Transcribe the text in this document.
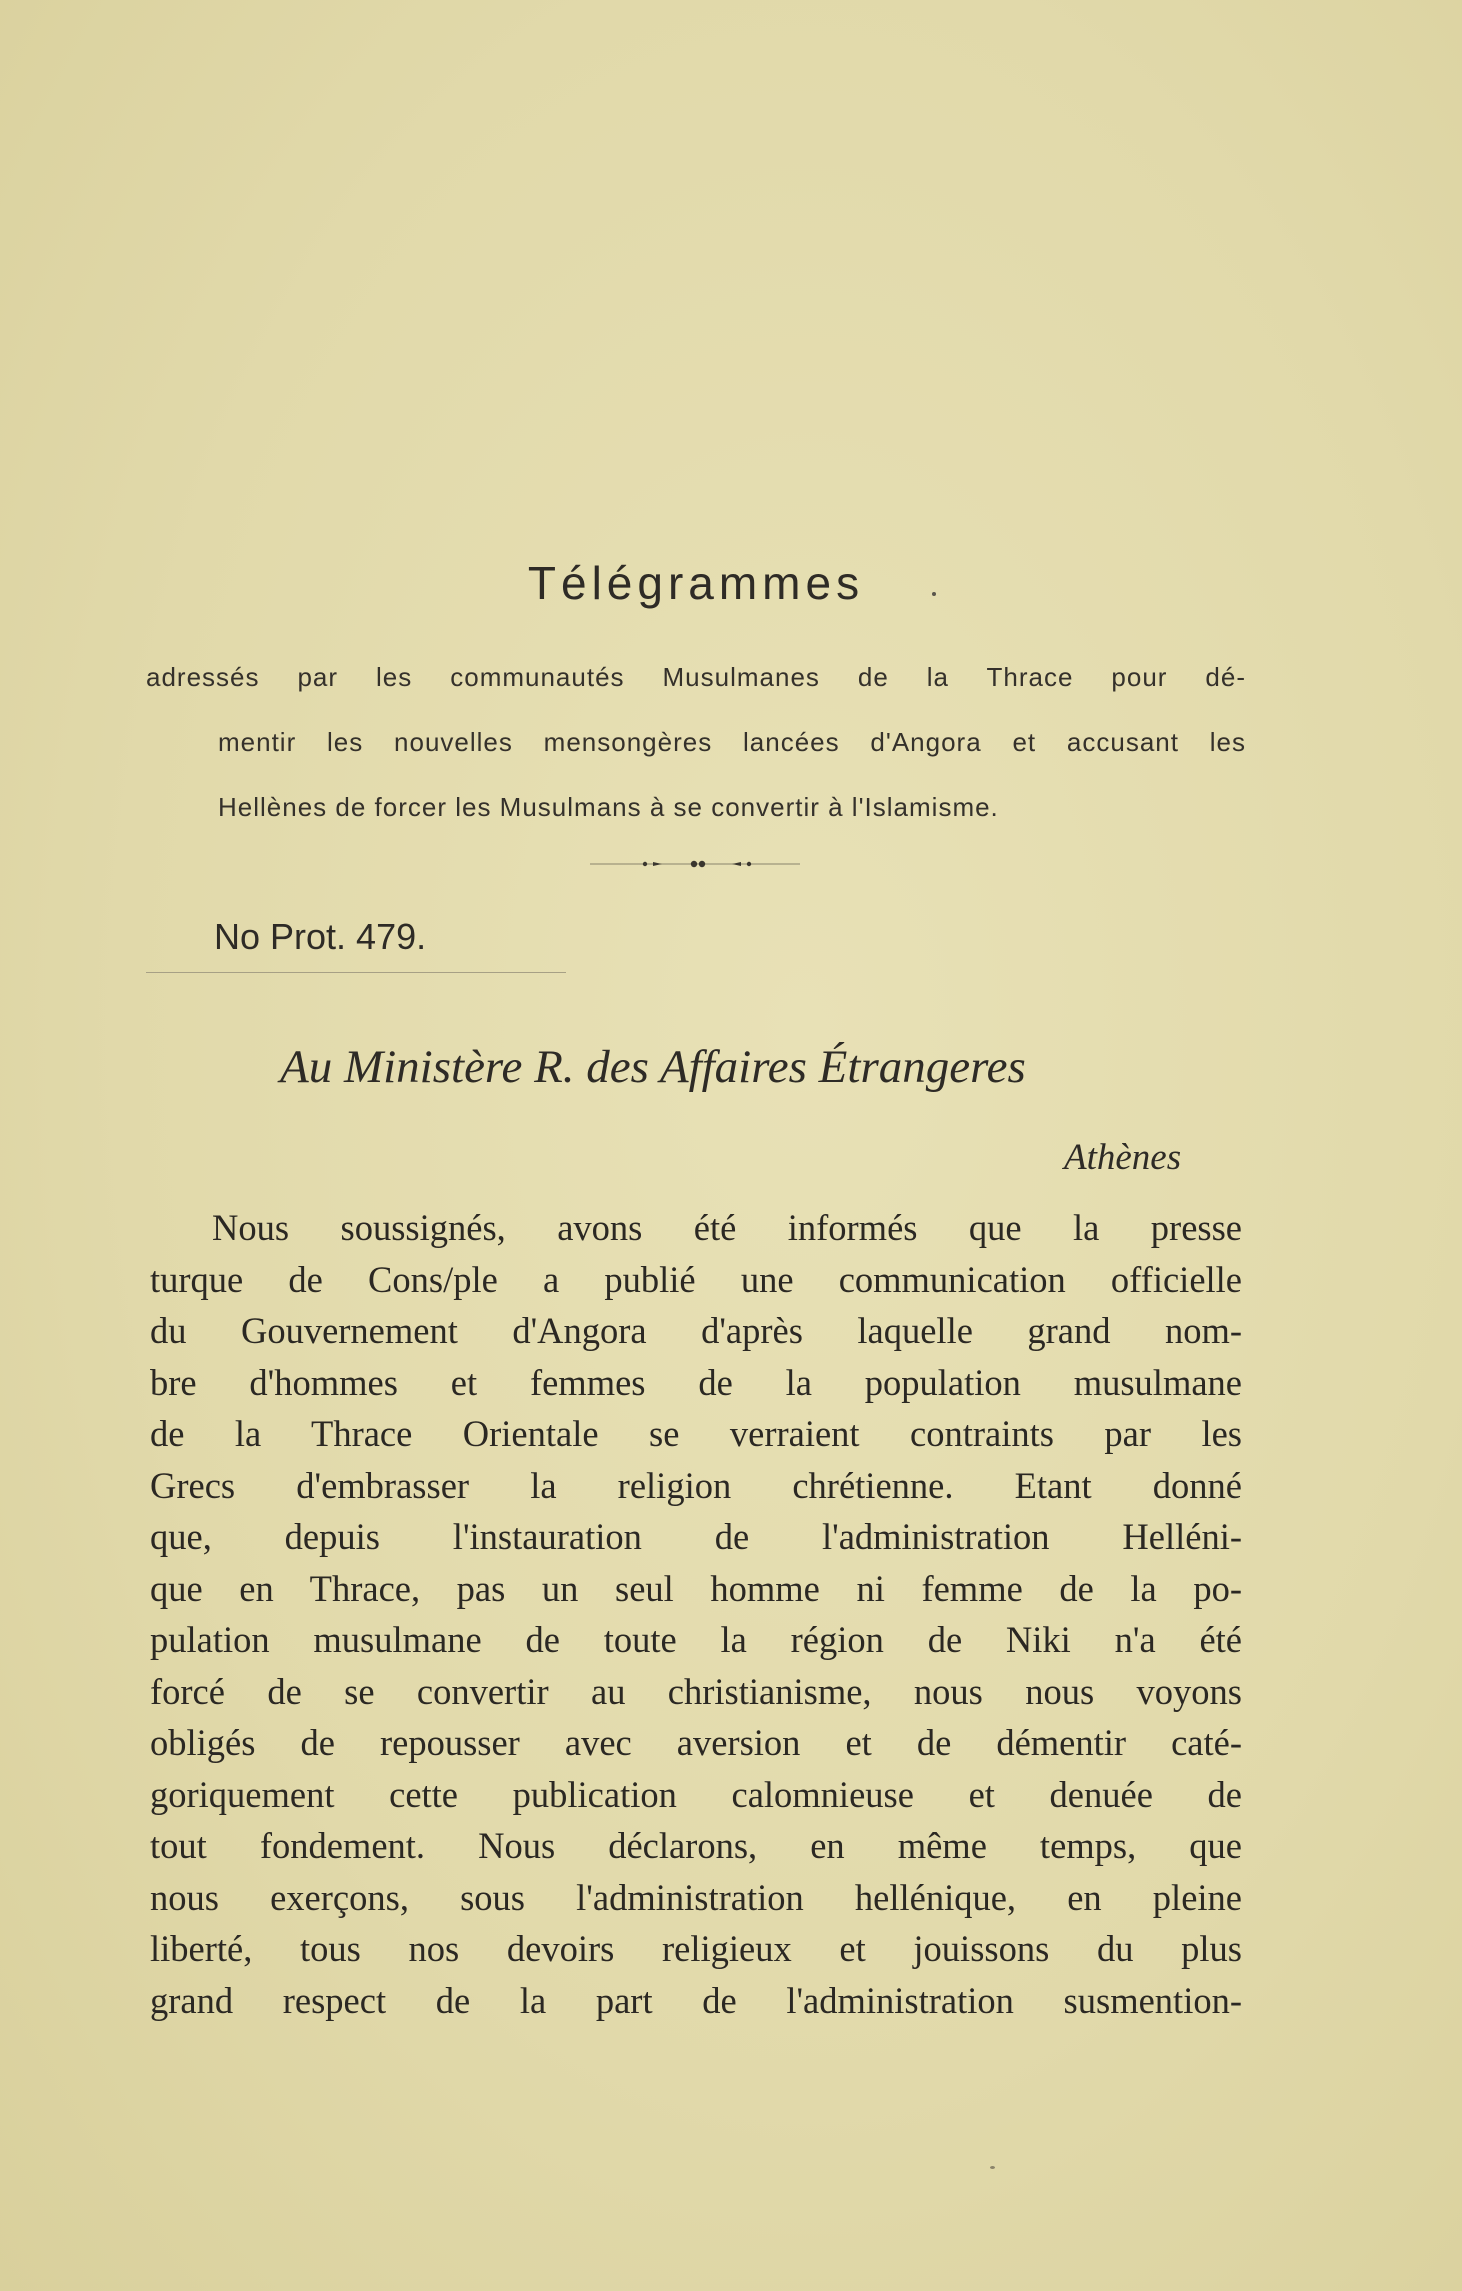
Télégrammes
adressés par les communautés Musulmanes de la Thrace pour dé-
mentir les nouvelles mensongères lancées d'Angora et accusant les
Hellènes de forcer les Musulmans à se convertir à l'Islamisme.
No Prot. 479.
Au Ministère R. des Affaires Étrangeres
Athènes
Nous soussignés, avons été informés que la presse
turque de Cons/ple a publié une communication officielle
du Gouvernement d'Angora d'après laquelle grand nom-
bre d'hommes et femmes de la population musulmane
de la Thrace Orientale se verraient contraints par les
Grecs d'embrasser la religion chrétienne. Etant donné
que, depuis l'instauration de l'administration Helléni-
que en Thrace, pas un seul homme ni femme de la po-
pulation musulmane de toute la région de Niki n'a été
forcé de se convertir au christianisme, nous nous voyons
obligés de repousser avec aversion et de démentir caté-
goriquement cette publication calomnieuse et denuée de
tout fondement. Nous déclarons, en même temps, que
nous exerçons, sous l'administration hellénique, en pleine
liberté, tous nos devoirs religieux et jouissons du plus
grand respect de la part de l'administration susmention-
